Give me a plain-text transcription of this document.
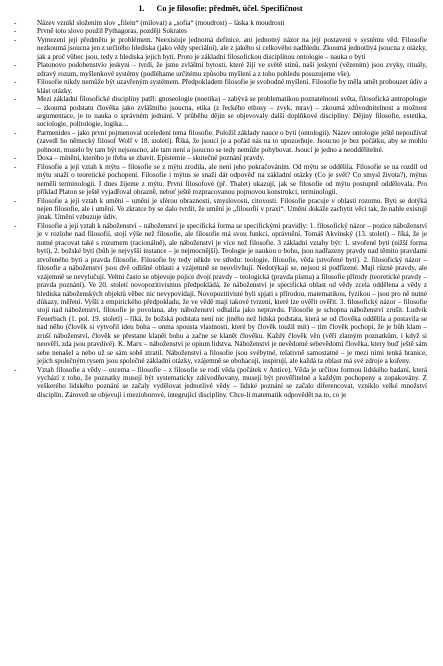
1. Co je filosofie: předmět, účel. Specifičnost
-	Název vznikl složením slov „filein“ (milovat) a „sofia“ (moudrost) – láska k moudrosti
-	Prvně toto slovo použil Pythagoras, později Sokrates
-	Vymezení její předmětu je problémem. Neexistuje jednotná definice, ani jednotný názor na její postavení v systému věd. Filosofie nezkoumá jsoucna jen z určitého hlediska (jako vědy speciální), ale z jakého si celkového nadhledu. Zkoumá jednotlivá jsoucna z otázky, jak a proč vůbec jsou, tedy z hlediska jejich bytí. Proto je základní filosofickou disciplínou ontologie – nauka o bytí
-	Platonovo podobenstvío jeskyni – tvrdí, že jsme zvláštní bytosti, které žijí ve světě stínů, naší jeskyni (vězením) jsou zvyky, rituály, zdravý rozum, myšlenkové systémy (podléhame určitému způsobu myšlení a z toho pohledu posuzujeme vše).
-	Filosofie nikdy nemůže být uzavřeným systémem. Předpokladem filosofie je svobodné myšlení. Filosofie by měla umět probouzet údiv a klást otázky.
-	Mezi základní filosofické disciplíny patří: gnoseologie (noetika) – zabývá se problematikou poznatelnosti světa, filosofická antropologie – zkoumá podstatu člověka jako zvláštního jsoucna, etika (z řeckého ethosy – zvyk, mrav) – zkoumá zdůvodnitelnost a možnost argumentace, je to nauka o správném jednání. V průběhu dějin se objevovaly další doplňkové disciplíny: Dějiny filosofie, estetika, sociologie, politologie, logika…
-	Parmenides – jako prvni pojmenoval uceleđení tema filosofie. Položil základy nauce o bytí (ontologii). Název ontologie ještě nepoužíval (zavedl ho německý filosof Wolf v 18. století). Říká, že jsoucí je a pořád nás na to upozorňuje. Jsoucno je bez počátku, aby se mohlo pohnout, muselo by tam být nejsoucno, ale tam není a jsoucno se tedy nemůže pohybovat. Jsoucí je jedno a neoddělitelné.
-	Doxa – mínění, kterého je třeba se zbavit. Epistemie – skutečné poznání pravdy.
-	Filosofie a její vztah k mýtu – filosofie se z mýtu zrodila, ale není jeho pokračováním. Od mýtu se oddělila. Filosofie se na rozdíl od mýtu snaží o teoretické pochopení. Filosofie i mýtus se snaží dát odpověď na základní otázky (Co je svět? Co smysl života?), mýtus nemělí terminologii. I dnes žijeme z mýtu. První filosofové (př. Thalet) ukazují, jak se filosofie od mýtu postupně oddělovala. Pro příklad Platon se ještě vyjadřoval obrazně, neboť ještě rozpracovanou pojmovou konstrukci, terminologii.
-	Filosofie a její vztah k umění – umění je sférou obraznosti, smyslovosti, citovosti. Filosofie pracuje v oblasti rozumu. Byti se dotýká nejen filosofie, ale i umění. Ve zkratce by se dalo tvrdit, že umění je „filosofii v praxi“. Umění dokáže zachytit věci tak, že nahle existují jinak. Umění vzbuzuje údiv.
-	Filosofie a její vztah k náboženství – náboženství je specifická forma se specifickými pravidly: 1. filosofický názor – pozice náboženství je v rozlohe nad filosofií, stojí výše než filosofie, ale filosofie má svou funkci, oprávnění. Tomáš Akvinský (13. století) – říká, že je nutné pracovat také s rozumem (racionálně), ale náboženství je více než filosofie. 3 základní vztahy být: 1. stvořené bytí (nižší forma bytí), 2. božské bytí (bůh je nejvyšší instance – je nejmocnější). Teologie je naukou o bohu, jsou nadřazeny pravdy nad těmito pravdami ztvořeného bytí a pravda filosofie. Filosofie by tedy někde ve středu: teologie, filosofie, věda (stvořené bytí). 2. filosofický názor – filosofie a náboženství jsou dvě odlišné oblasti a vzájemně se neovlivňují. Nedotýkají se, nejsou si podřízené. Mají různé pravdy, ale vzájemně se nevylučují. Velmi často se objevuje pojice dvojí pravdy – teologická (pravda písma) a filosofie přírody (teoretické pravdy – pravda poznání). Ve 20. století novopozitivismus předpokládá, že náboženství je specifická oblast od vědy zcela oddělena a vědy z hlediska náboženských objektů věbec nic nevypovídají. Novopozitivisté byli spjati s přírodou, matematikou, fyzikou – jsou pro ně nutné důkazy, měření. Vyšli z empirického předpokladu, že ve vědě mají takové tvrzení, které lze ověřit ověřit. 3. filosofický názor – filosofie stojí nad náboženství, filosofie je povolana, aby náboženství odhalila jako nepravdu. Filosofie je schopna náboženství zrušit. Ludvik Feuerbach (1. pol. 19. století) – říká, že božská podstata není nic jiného než lidská podstata, která se od člověka oddělila a postavila se nad něho (člověk si vytvořil ideu boha – onma spousta vlastnosti, které by člověk toužil mít) – tím člověk pochopí, že je bůh klam – zruší náboženství, člověk se přestane klanět bohu a začne se klanět člověku. Každý člověk věn (vĕří zlatným poznatkům, i když si neověří, zda jsou pravdivé). K. Marx – náboženství je opium lidstva. Náboženství je nevědomé sebevědomí člověka, ktery buď ještě sám sebe nenašel a nebo už se sám sobě ztratil. Náboženství a filosofie jsou svébytné, relativně samostatné – je mezi nimi tenká hranice, jejich společným rysem jsou společné základní otázky, vzájemně se obohacují, inspirují, ale každá ta oblast má své zdroje a kořeny.
-	Vztah filosofie a vědy – otcema – filosofie – z filosofie se rodí věda (počátek v Antice). Věda je určitou formou lidského badaní, která vychází z toho, že poznatky musejí být systematicky zdůvodňovany, musejí být prověřitelné a každým pochopeny a zopakovány. Z veškerého lidského poznání se začaly vydělovat jednotlivé vědy – lidské poznání se začalo diferencovat, vzniklo velké množství disciplín. Zároveň se objevují i mezioborové, integrující disciplíny. Chce-li matematik odpovědět na to, co je
